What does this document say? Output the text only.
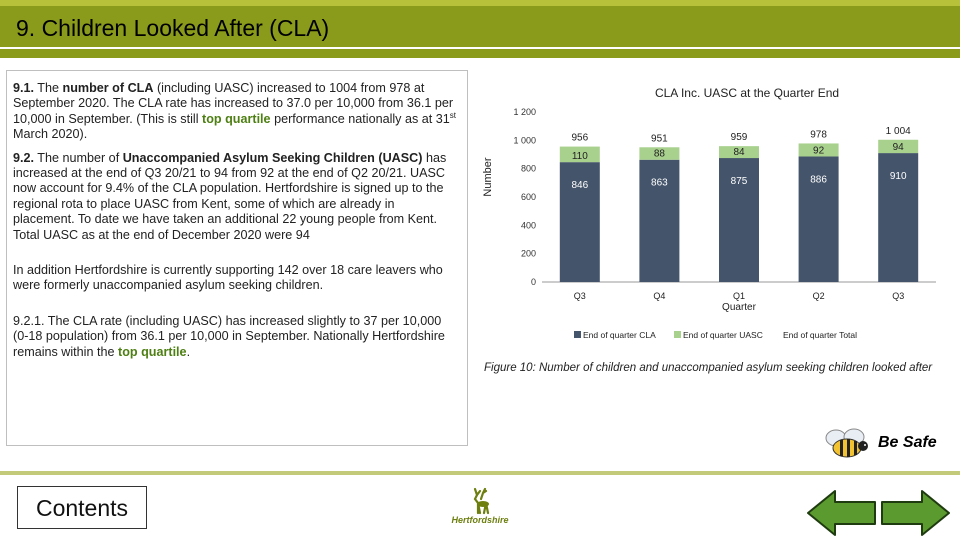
9. Children Looked After (CLA)

9.1. The number of CLA (including UASC) increased to 1004 from 978 at September 2020. The CLA rate has increased to 37.0 per 10,000 from 36.1 per 10,000 in September. (This is still top quartile performance nationally as at 31st March 2020).

9.2. The number of Unaccompanied Asylum Seeking Children (UASC) has increased at the end of Q3 20/21 to 94 from 92 at the end of Q2 20/21. UASC now account for 9.4% of the CLA population. Hertfordshire is signed up to the regional rota to place UASC from Kent, some of which are already in placement. To date we have taken an additional 22 young people from Kent. Total UASC as at the end of December 2020 were 94

In addition Hertfordshire is currently supporting 142 over 18 care leavers who were formerly unaccompanied asylum seeking children.

9.2.1. The CLA rate (including UASC) has increased slightly to 37 per 10,000 (0-18 population) from 36.1 per 10,000 in September. Nationally Hertfordshire remains within the top quartile.

CLA Inc. UASC at the Quarter End
Number
0
200
400
600
800
1 000
1 200
846
110
956
Q3
863
88
951
Q4
875
84
959
Q1
886
92
978
Q2
910
94
1 004
Q3
Quarter
End of quarter CLA	End of quarter UASC End of quarter Total
Figure 10: Number of children and unaccompanied asylum seeking children looked after
Be Safe
Contents	Hertfordshire
